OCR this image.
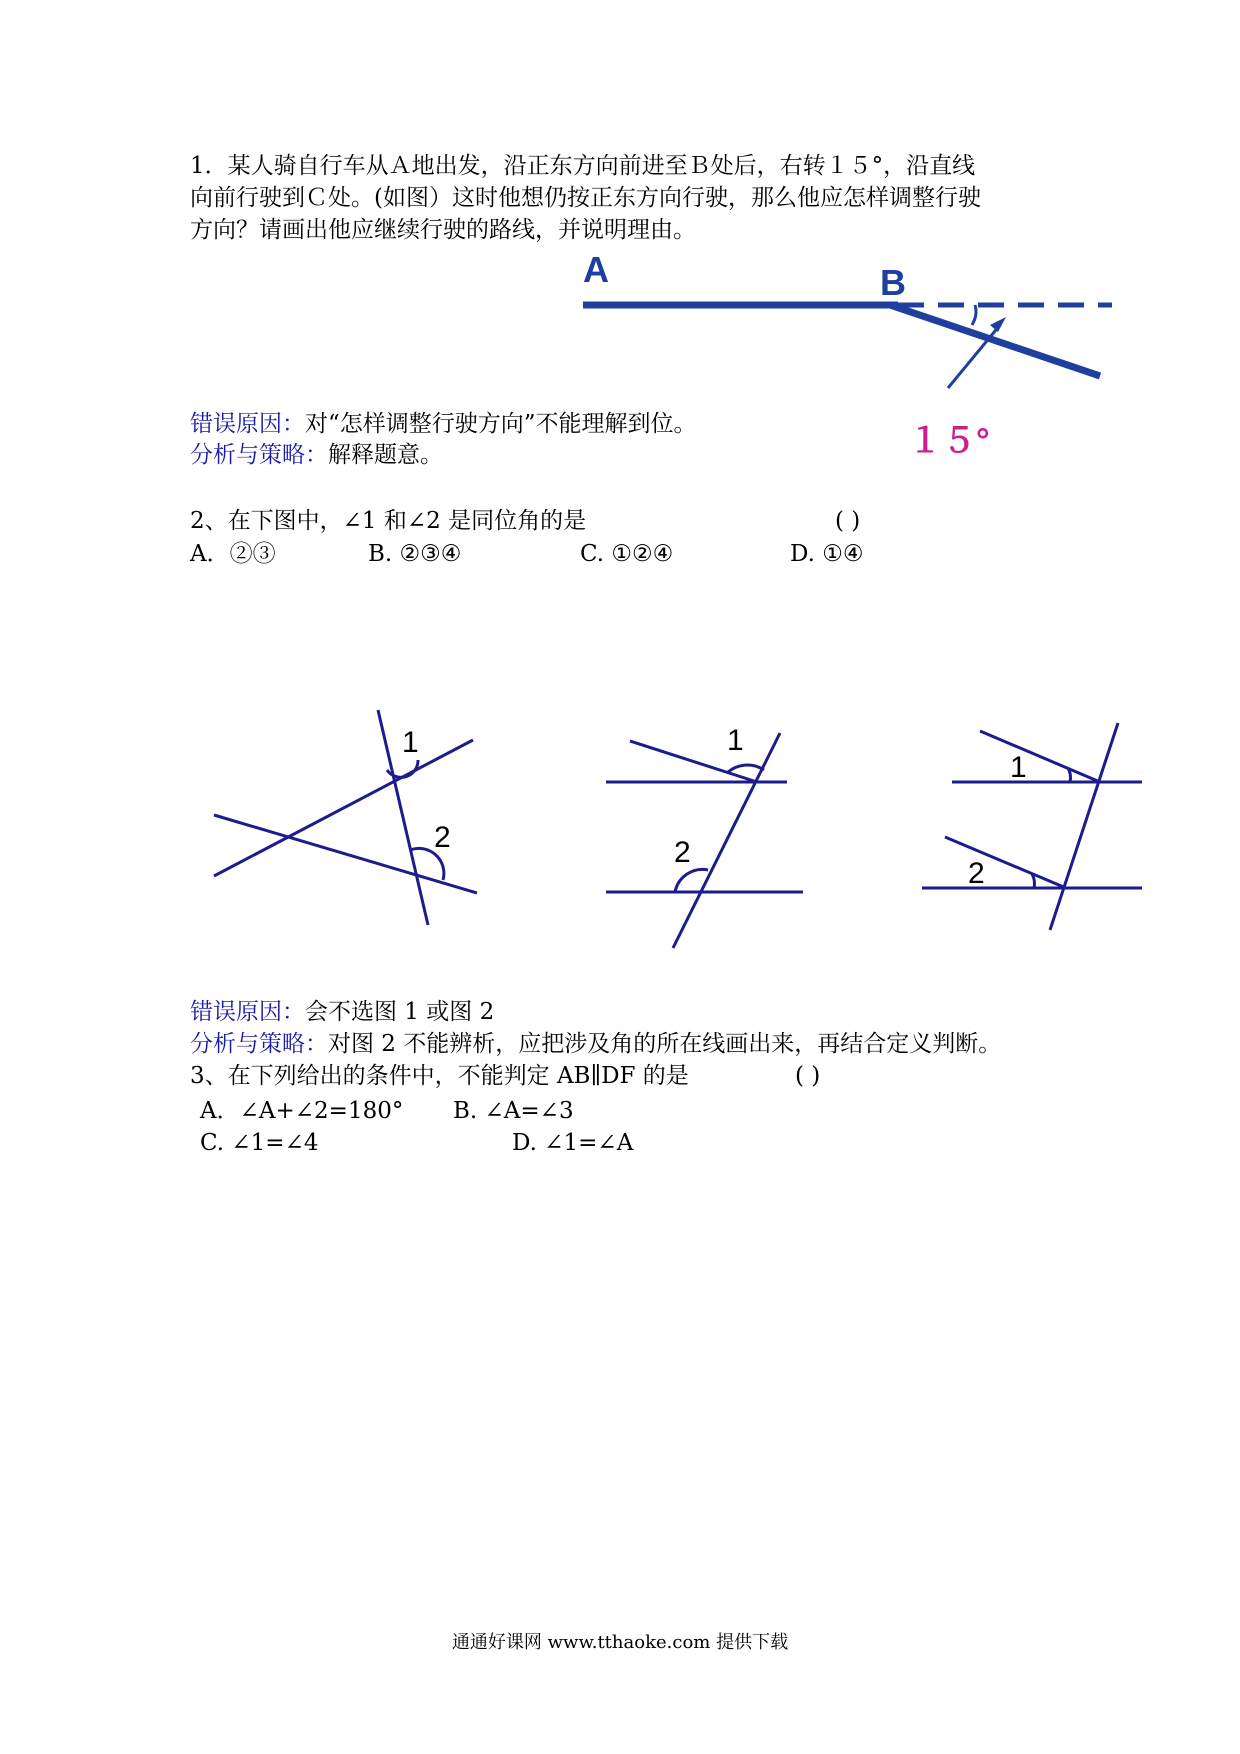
1．某人骑自行车从Ａ地出发，沿正东方向前进至Ｂ处后，右转１５°，沿直线
向前行驶到Ｃ处。(如图）这时他想仍按正东方向行驶，那么他应怎样调整行驶
方向？请画出他应继续行驶的路线，并说明理由。
A	B
１５°
错误原因：对“怎样调整行驶方向”不能理解到位。
分析与策略：解释题意。
2、在下图中，∠1 和∠2 是同位角的是	( )
A．②③	B. ②③④	C. ①②④	D. ①④
1
2
1
2
1
2
错误原因：会不选图 1 或图 2
分析与策略：对图 2 不能辨析，应把涉及角的所在线画出来，再结合定义判断。
3、在下列给出的条件中，不能判定 AB∥DF 的是	( )
A．∠A+∠2=180° B. ∠A=∠3
C. ∠1=∠4	D. ∠1=∠A
通通好课网 www.tthaoke.com 提供下载
